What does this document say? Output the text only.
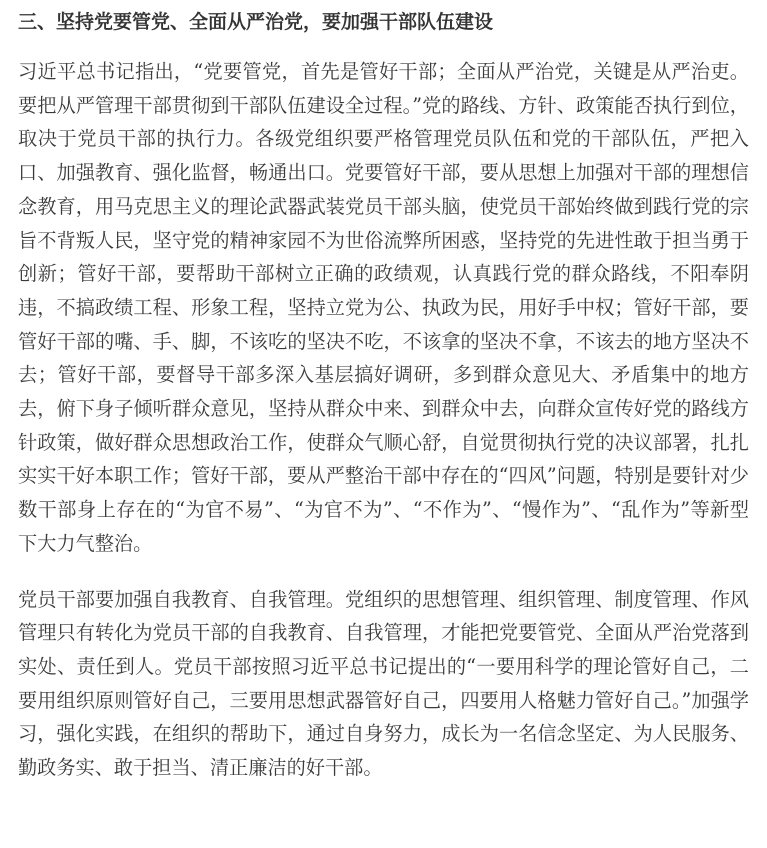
三、坚持党要管党、全面从严治党，要加强干部队伍建设

习近平总书记指出，“党要管党，首先是管好干部；全面从严治党，关键是从严治吏。要把从严管理干部贯彻到干部队伍建设全过程。”党的路线、方针、政策能否执行到位，取决于党员干部的执行力。各级党组织要严格管理党员队伍和党的干部队伍，严把入口、加强教育、强化监督，畅通出口。党要管好干部，要从思想上加强对干部的理想信念教育，用马克思主义的理论武器武装党员干部头脑，使党员干部始终做到践行党的宗旨不背叛人民，坚守党的精神家园不为世俗流弊所困惑，坚持党的先进性敢于担当勇于创新；管好干部，要帮助干部树立正确的政绩观，认真践行党的群众路线，不阳奉阴违，不搞政绩工程、形象工程，坚持立党为公、执政为民，用好手中权；管好干部，要管好干部的嘴、手、脚，不该吃的坚决不吃，不该拿的坚决不拿，不该去的地方坚决不去；管好干部，要督导干部多深入基层搞好调研，多到群众意见大、矛盾集中的地方去，俯下身子倾听群众意见，坚持从群众中来、到群众中去，向群众宣传好党的路线方针政策，做好群众思想政治工作，使群众气顺心舒，自觉贯彻执行党的决议部署，扎扎实实干好本职工作；管好干部，要从严整治干部中存在的“四风”问题，特别是要针对少数干部身上存在的“为官不易”、“为官不为”、“不作为”、“慢作为”、“乱作为”等新型下大力气整治。

党员干部要加强自我教育、自我管理。党组织的思想管理、组织管理、制度管理、作风管理只有转化为党员干部的自我教育、自我管理，才能把党要管党、全面从严治党落到实处、责任到人。党员干部按照习近平总书记提出的“一要用科学的理论管好自己，二要用组织原则管好自己，三要用思想武器管好自己，四要用人格魅力管好自己。”加强学习，强化实践，在组织的帮助下，通过自身努力，成长为一名信念坚定、为人民服务、勤政务实、敢于担当、清正廉洁的好干部。
